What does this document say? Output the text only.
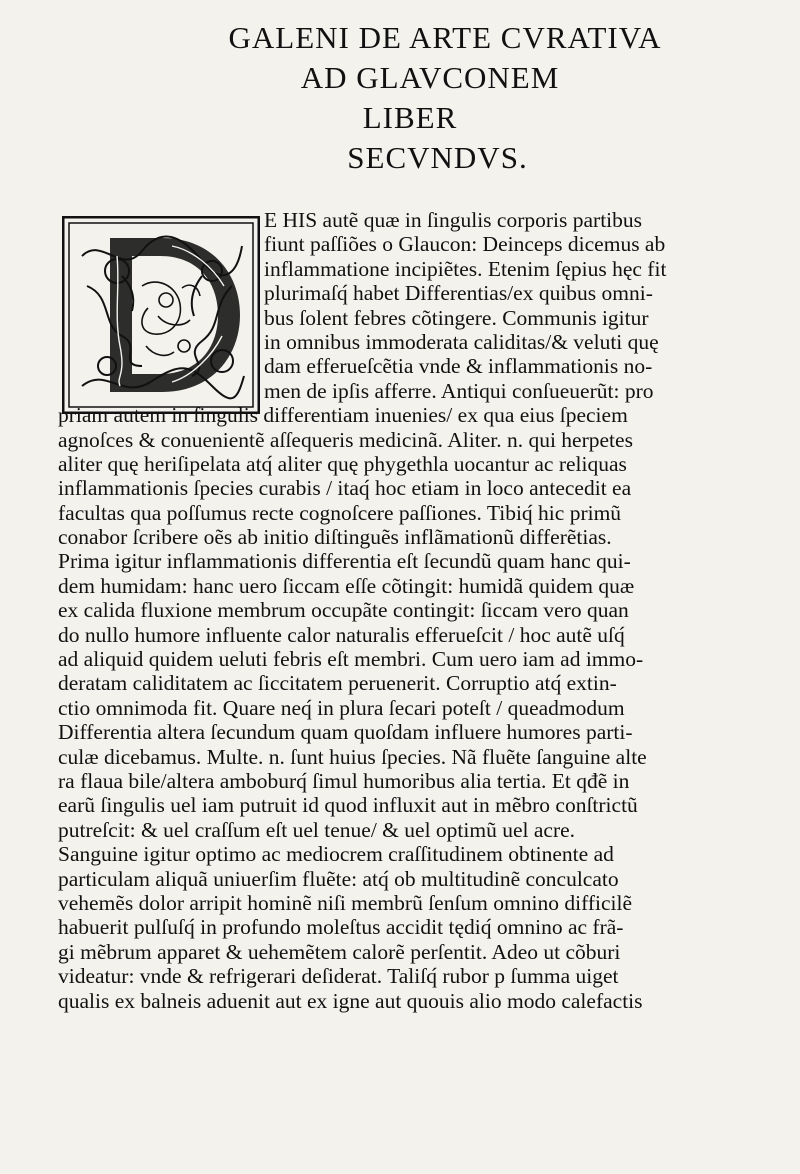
GALENI DE ARTE CVRATIVA
AD GLAVCONEM
LIBER
SECVNDVS.
E HIS autẽ quæ in ſingulis corporis partibus
fiunt paſſiões o Glaucon: Deinceps dicemus ab
inflammatione incipiẽtes. Etenim ſępius hęc fit
plurimaſq́ habet Differentias/ex quibus omni-
bus ſolent febres cõtingere. Communis igitur
in omnibus immoderata caliditas/& veluti quę
dam efferueſcẽtia vnde & inflammationis no-
men de ipſis afferre. Antiqui conſueuerũt: pro
priam autem in ſingulis differentiam inuenies/ ex qua eius ſpeciem
agnoſces & conuenientẽ aſſequeris medicinã. Aliter. n. qui herpetes
aliter quę heriſipelata atq́ aliter quę phygethla uocantur ac reliquas
inflammationis ſpecies curabis / itaq́ hoc etiam in loco antecedit ea
facultas qua poſſumus recte cognoſcere paſſiones. Tibiq́ hic primũ
conabor ſcribere oẽs ab initio diſtinguẽs inflãmationũ differẽtias.
Prima igitur inflammationis differentia eſt ſecundũ quam hanc qui-
dem humidam: hanc uero ſiccam eſſe cõtingit: humidã quidem quæ
ex calida fluxione membrum occupãte contingit: ſiccam vero quan
do nullo humore influente calor naturalis efferueſcit / hoc autẽ uſq́
ad aliquid quidem ueluti febris eſt membri. Cum uero iam ad immo-
deratam caliditatem ac ſiccitatem peruenerit. Corruptio atq́ extin-
ctio omnimoda fit. Quare neq́ in plura ſecari poteſt / queadmodum
Differentia altera ſecundum quam quoſdam influere humores parti-
culæ dicebamus. Multe. n. ſunt huius ſpecies. Nã fluẽte ſanguine alte
ra flaua bile/altera amboburq́ ſimul humoribus alia tertia. Et qđẽ in
earũ ſingulis uel iam putruit id quod influxit aut in mẽbro conſtrictũ
putreſcit: & uel craſſum eſt uel tenue/ & uel optimũ uel acre.
Sanguine igitur optimo ac mediocrem craſſitudinem obtinente ad
particulam aliquã uniuerſim fluẽte: atq́ ob multitudinẽ conculcato
vehemẽs dolor arripit hominẽ niſi membrũ ſenſum omnino difficilẽ
habuerit pulſuſq́ in profundo moleſtus accidit tędiq́ omnino ac frã-
gi mẽbrum apparet & uehemẽtem calorẽ perſentit. Adeo ut cõburi
videatur: vnde & refrigerari deſiderat. Taliſq́ rubor p ſumma uiget
qualis ex balneis aduenit aut ex igne aut quouis alio modo calefactis
